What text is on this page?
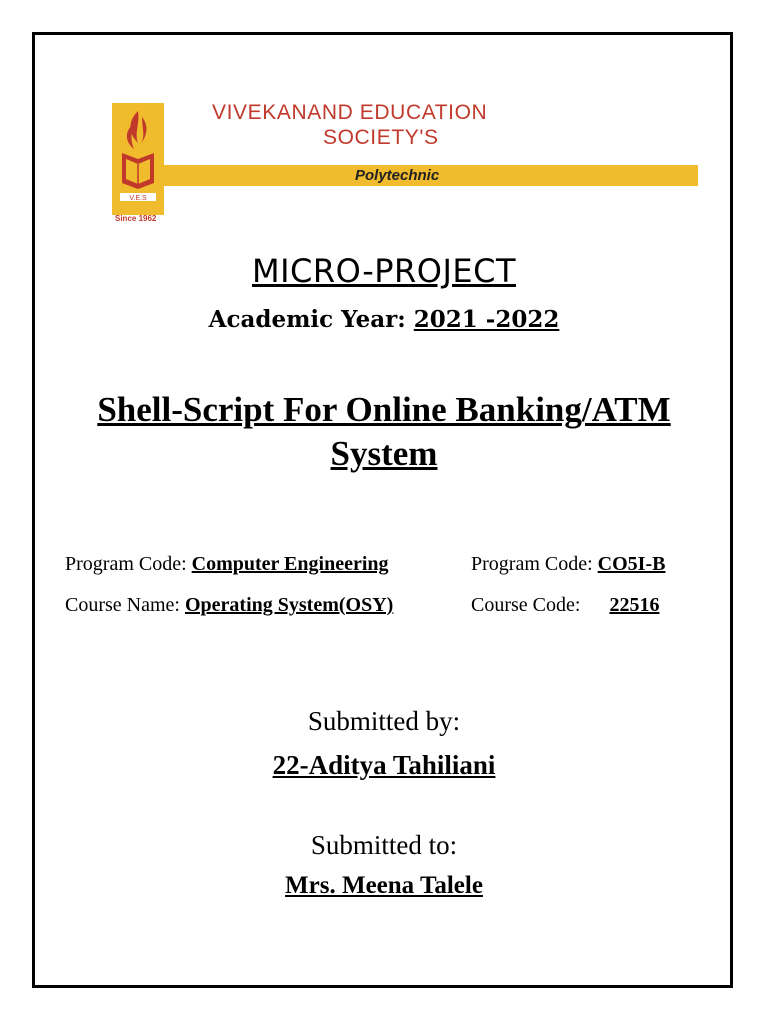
V.E.S
Since 1962
VIVEKANAND EDUCATION
SOCIETY'S
Polytechnic
MICRO-PROJECT
Academic Year: 2021 -2022
Shell-Script For Online Banking/ATM
System
Program Code: Computer Engineering	Program Code: CO5I-B
Course Name: Operating System(OSY)	Course Code: 22516
Submitted by:
22-Aditya Tahiliani
Submitted to:
Mrs. Meena Talele
